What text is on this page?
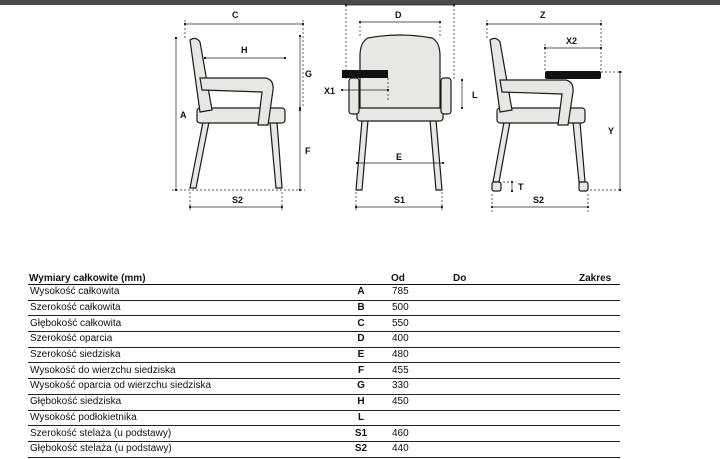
C
H
G
F
A
S2
D
X1	L
E
S1
Z
X2
Y
T
S2
Wymiary całkowite (mm)		Od	Do	Zakres
Wysokość całkowita	A	785		
Szerokość całkowita	B	500		
Głębokość całkowita	C	550		
Szerokość oparcia	D	400		
Szerokość siedziska	E	480		
Wysokość do wierzchu siedziska	F	455		
Wysokość oparcia od wierzchu siedziska	G	330		
Głębokość siedziska	H	450		
Wysokość podłokietnika	L			
Szerokość stelaża (u podstawy)	S1	460		
Głębokość stelaża (u podstawy)	S2	440		
